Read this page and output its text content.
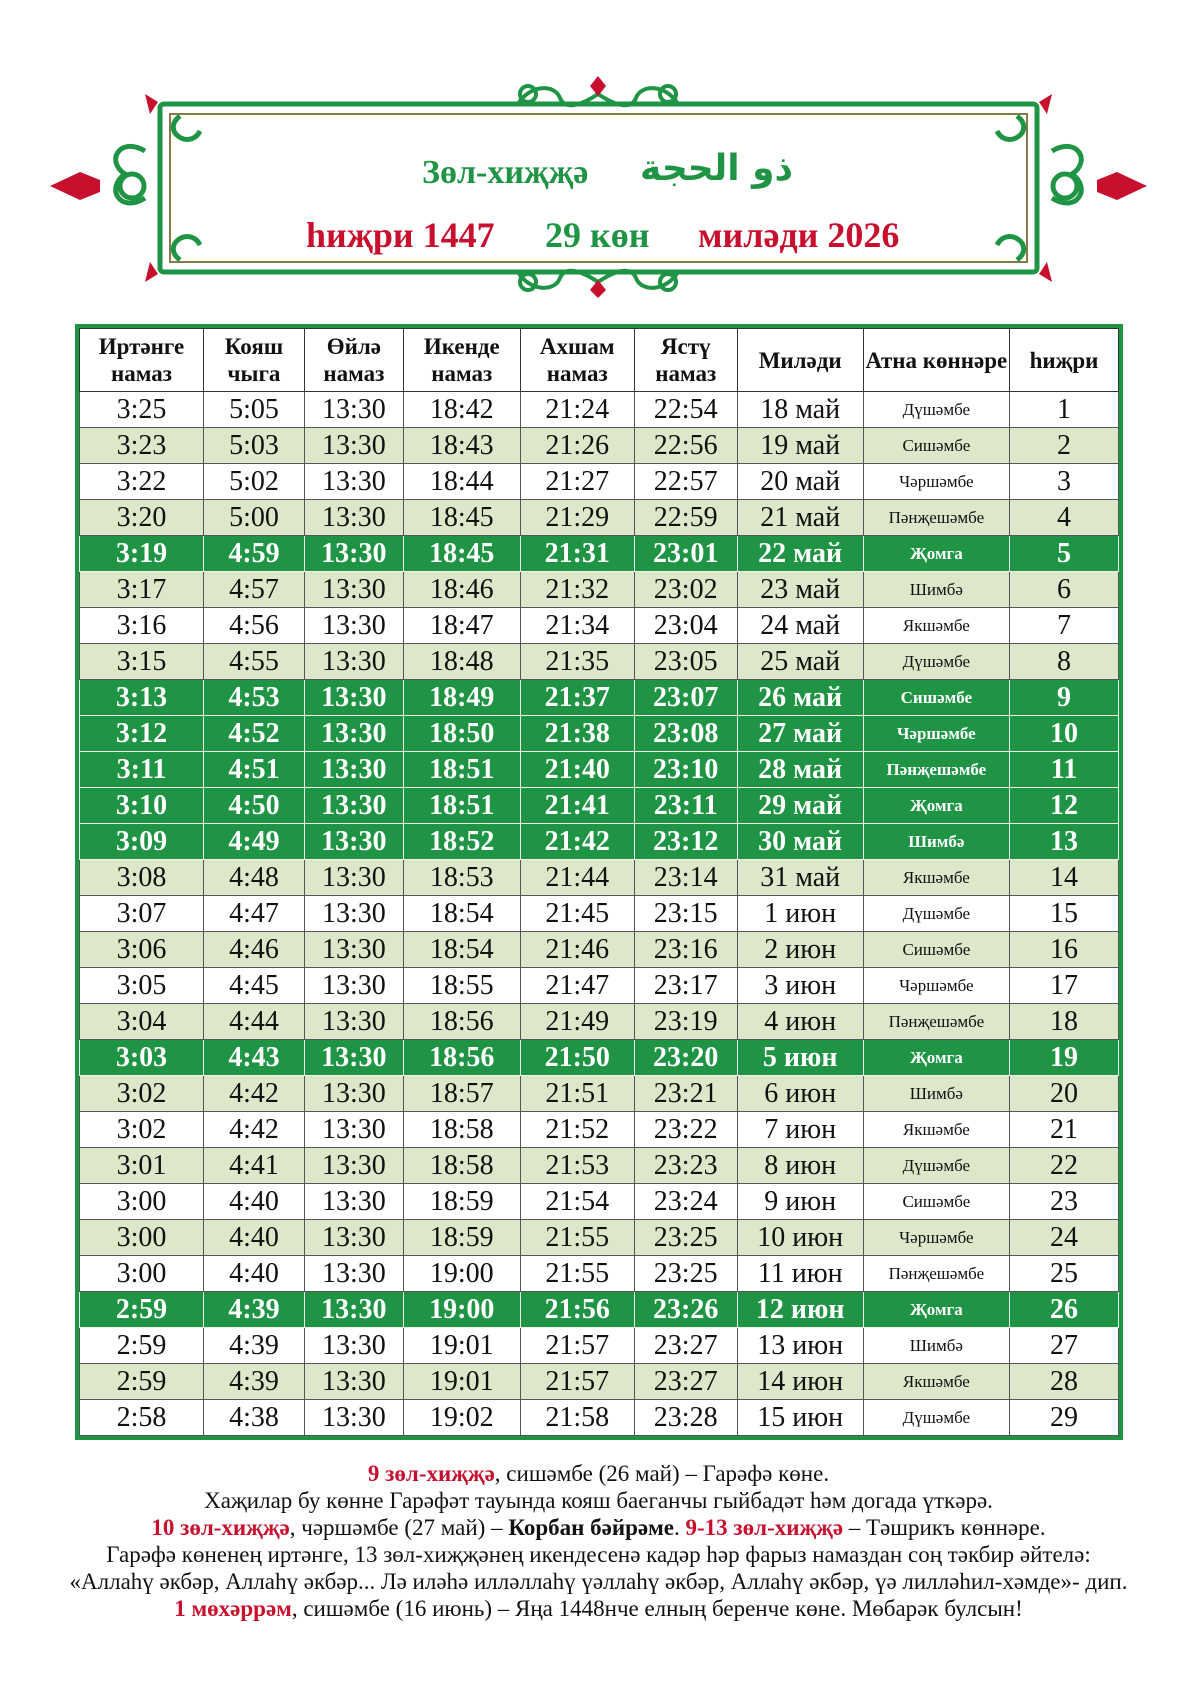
Зөл-хиҗҗә ذو الحجة
һиҗри 1447 29 көн миләди 2026
Иртәнге намаз	Кояш чыга	Өйлә намаз	Икенде намаз	Ахшам намаз	Ястү намаз	Миләди	Атна көннәре	һиҗри
3:25	5:05	13:30	18:42	21:24	22:54	18 май	Дүшәмбе	1
3:23	5:03	13:30	18:43	21:26	22:56	19 май	Сишәмбе	2
3:22	5:02	13:30	18:44	21:27	22:57	20 май	Чәршәмбе	3
3:20	5:00	13:30	18:45	21:29	22:59	21 май	Пәнҗешәмбе	4
3:19	4:59	13:30	18:45	21:31	23:01	22 май	Җомга	5
3:17	4:57	13:30	18:46	21:32	23:02	23 май	Шимбә	6
3:16	4:56	13:30	18:47	21:34	23:04	24 май	Якшәмбе	7
3:15	4:55	13:30	18:48	21:35	23:05	25 май	Дүшәмбе	8
3:13	4:53	13:30	18:49	21:37	23:07	26 май	Сишәмбе	9
3:12	4:52	13:30	18:50	21:38	23:08	27 май	Чәршәмбе	10
3:11	4:51	13:30	18:51	21:40	23:10	28 май	Пәнҗешәмбе	11
3:10	4:50	13:30	18:51	21:41	23:11	29 май	Җомга	12
3:09	4:49	13:30	18:52	21:42	23:12	30 май	Шимбә	13
3:08	4:48	13:30	18:53	21:44	23:14	31 май	Якшәмбе	14
3:07	4:47	13:30	18:54	21:45	23:15	1 июн	Дүшәмбе	15
3:06	4:46	13:30	18:54	21:46	23:16	2 июн	Сишәмбе	16
3:05	4:45	13:30	18:55	21:47	23:17	3 июн	Чәршәмбе	17
3:04	4:44	13:30	18:56	21:49	23:19	4 июн	Пәнҗешәмбе	18
3:03	4:43	13:30	18:56	21:50	23:20	5 июн	Җомга	19
3:02	4:42	13:30	18:57	21:51	23:21	6 июн	Шимбә	20
3:02	4:42	13:30	18:58	21:52	23:22	7 июн	Якшәмбе	21
3:01	4:41	13:30	18:58	21:53	23:23	8 июн	Дүшәмбе	22
3:00	4:40	13:30	18:59	21:54	23:24	9 июн	Сишәмбе	23
3:00	4:40	13:30	18:59	21:55	23:25	10 июн	Чәршәмбе	24
3:00	4:40	13:30	19:00	21:55	23:25	11 июн	Пәнҗешәмбе	25
2:59	4:39	13:30	19:00	21:56	23:26	12 июн	Җомга	26
2:59	4:39	13:30	19:01	21:57	23:27	13 июн	Шимбә	27
2:59	4:39	13:30	19:01	21:57	23:27	14 июн	Якшәмбе	28
2:58	4:38	13:30	19:02	21:58	23:28	15 июн	Дүшәмбе	29

9 зөл-хиҗҗә, сишәмбе (26 май) – Гарәфә көне.

Хаҗилар бу көнне Гарәфәт тауында кояш баеганчы гыйбадәт һәм догада үткәрә.

10 зөл-хиҗҗә, чәршәмбе (27 май) – Корбан бәйрәме. 9-13 зөл-хиҗҗә – Тәшрикъ көннәре.

Гарәфә көненең иртәнге, 13 зөл-хиҗҗәнең икендесенә кадәр һәр фарыз намаздан соң тәкбир әйтелә:

«Аллаһү әкбәр, Аллаһү әкбәр... Лә иләһә илләллаһү үәллаһү әкбәр, Аллаһү әкбәр, үә лилләһил-хәмде»- дип.

1 мөхәррәм, сишәмбе (16 июнь) – Яңа 1448нче елның беренче көне. Мөбарәк булсын!
